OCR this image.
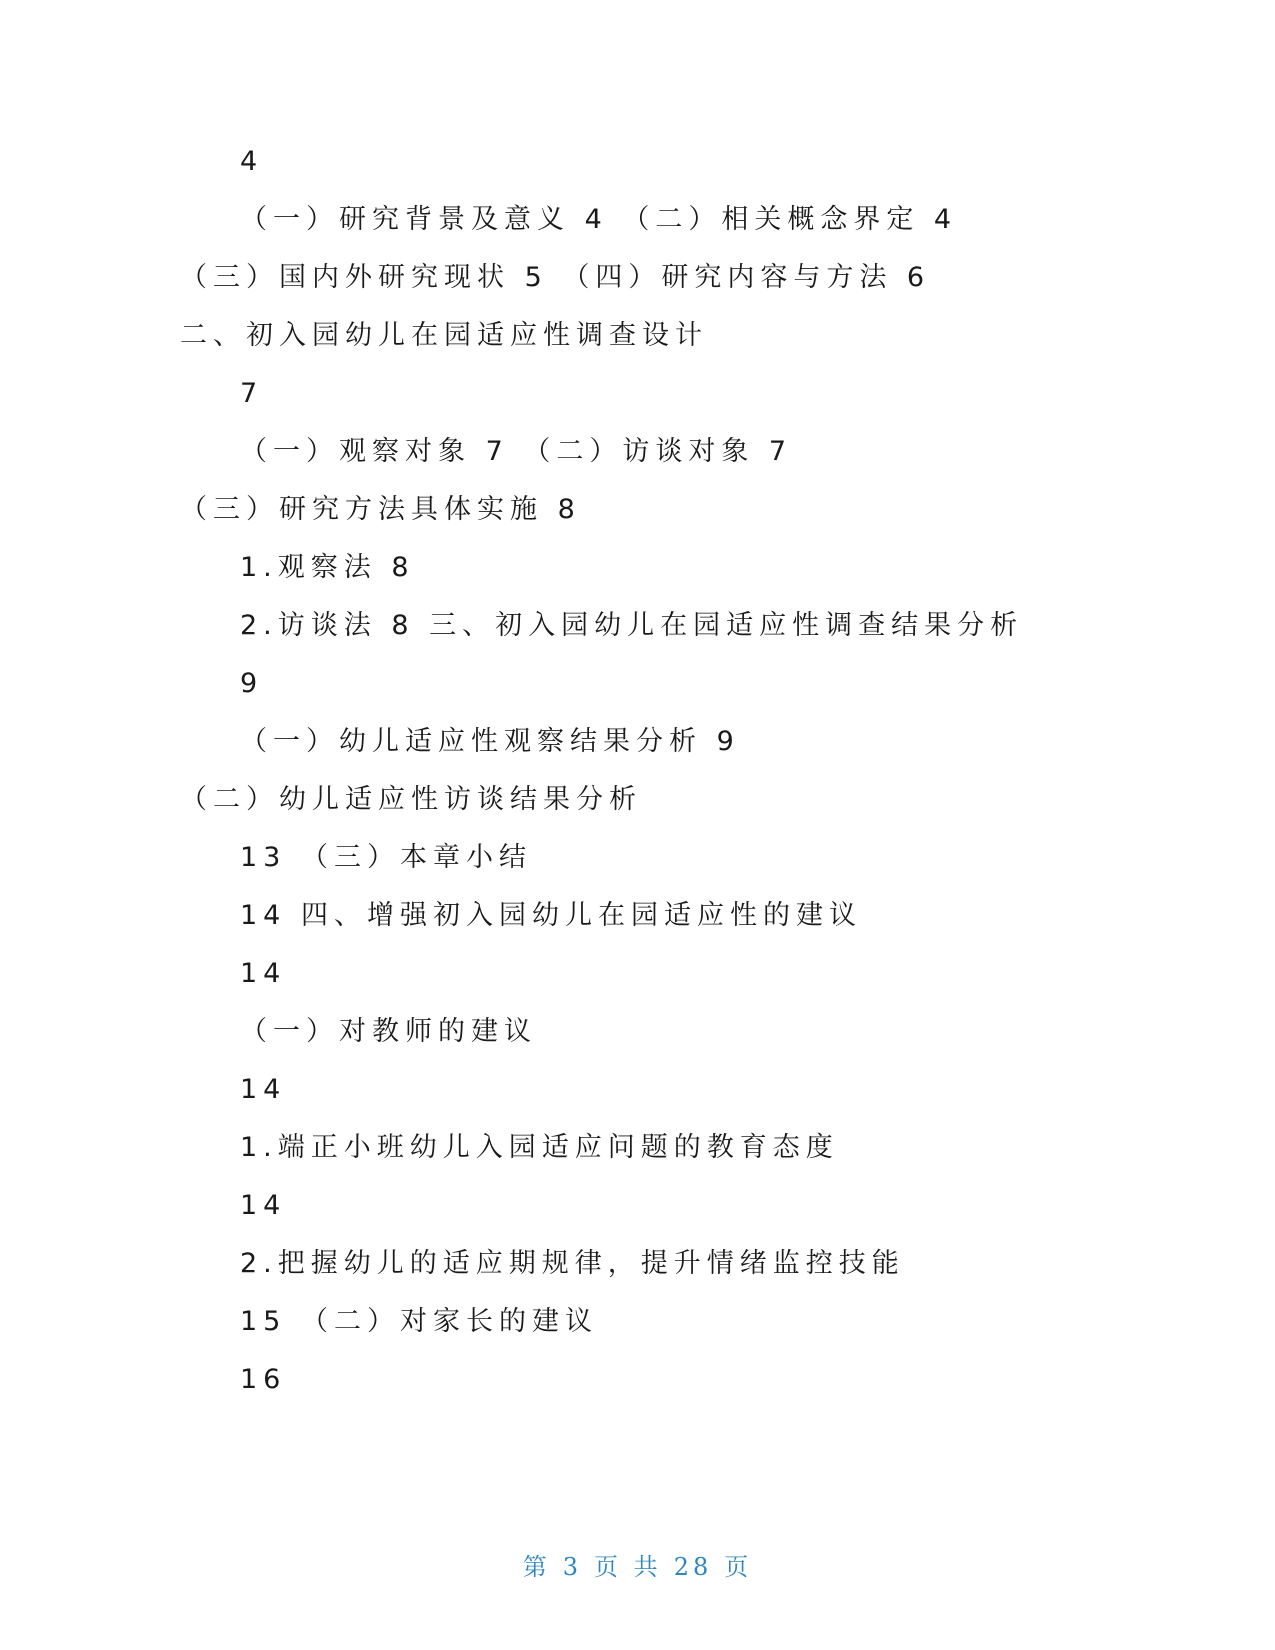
4
（一）研究背景及意义 4 （二）相关概念界定 4
（三）国内外研究现状 5 （四）研究内容与方法 6
二、初入园幼儿在园适应性调查设计
7
（一）观察对象 7 （二）访谈对象 7
（三）研究方法具体实施 8
1.观察法 8
2.访谈法 8 三、初入园幼儿在园适应性调查结果分析
9
（一）幼儿适应性观察结果分析 9
（二）幼儿适应性访谈结果分析
13 （三）本章小结
14 四、增强初入园幼儿在园适应性的建议
14
（一）对教师的建议
14
1.端正小班幼儿入园适应问题的教育态度
14
2.把握幼儿的适应期规律，提升情绪监控技能
15 （二）对家长的建议
16
第 3 页 共 28 页
